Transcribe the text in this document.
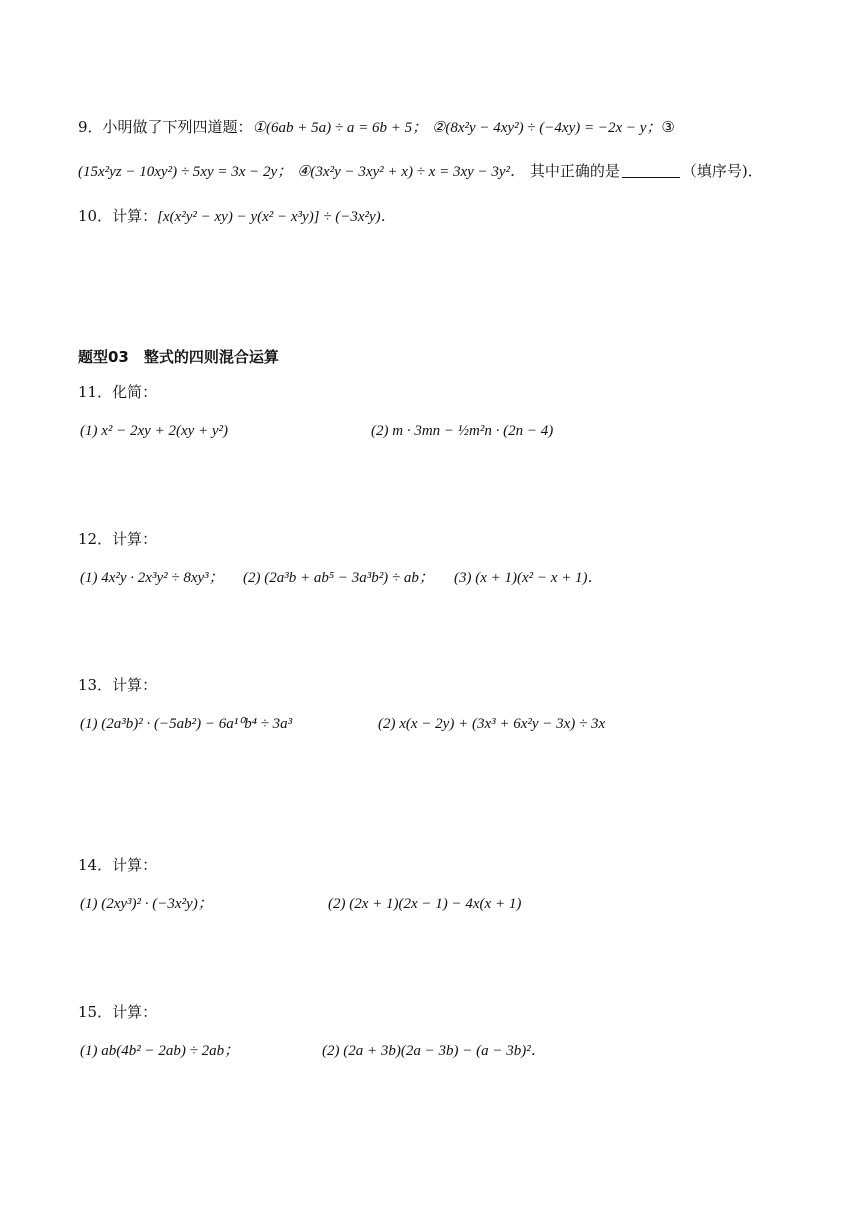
9．小明做了下列四道题：①(6ab + 5a) ÷ a = 6b + 5； ②(8x²y − 4xy²) ÷ (−4xy) = −2x − y；③
(15x²yz − 10xy²) ÷ 5xy = 3x − 2y； ④(3x²y − 3xy² + x) ÷ x = 3xy − 3y²． 其中正确的是	（填序号)．
10．计算：[x(x²y² − xy) − y(x² − x³y)] ÷ (−3x²y)．
题型03　整式的四则混合运算
11．化简：
(1) x² − 2xy + 2(xy + y²)	(2) m · 3mn − ½m²n · (2n − 4)
12．计算：
(1) 4x²y · 2x³y² ÷ 8xy³； (2) (2a³b + ab⁵ − 3a³b²) ÷ ab； (3) (x + 1)(x² − x + 1)．
13．计算：
(1) (2a³b)² · (−5ab²) − 6a¹⁰b⁴ ÷ 3a³	(2) x(x − 2y) + (3x³ + 6x²y − 3x) ÷ 3x
14．计算：
(1) (2xy³)² · (−3x²y)；	(2) (2x + 1)(2x − 1) − 4x(x + 1)
15．计算：
(1) ab(4b² − 2ab) ÷ 2ab；	(2) (2a + 3b)(2a − 3b) − (a − 3b)²．
